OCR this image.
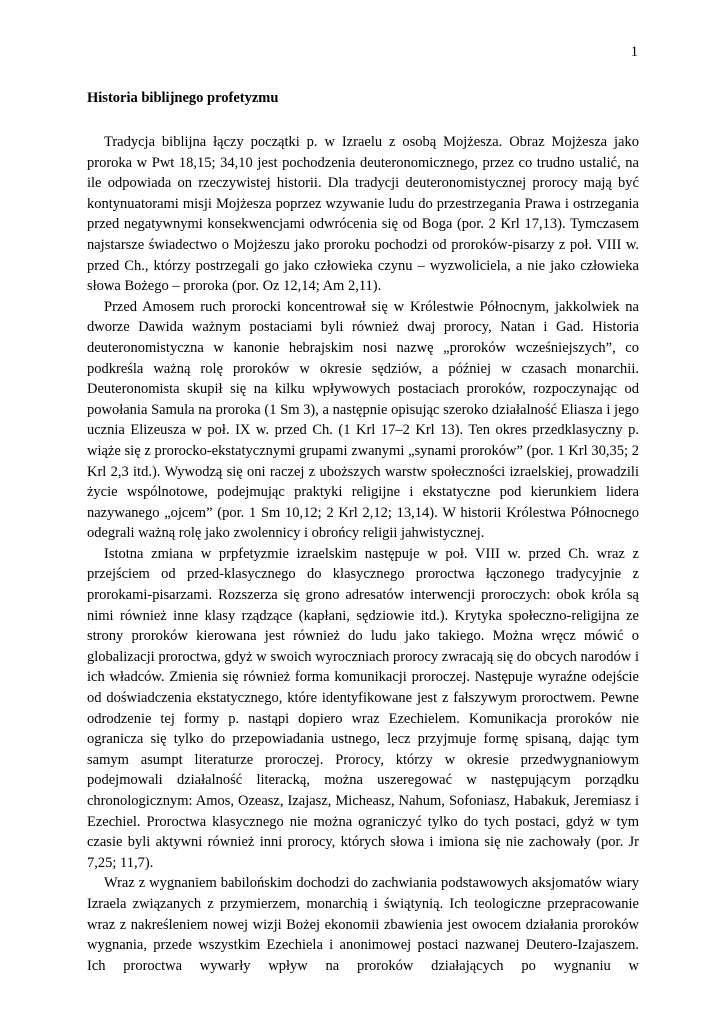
1
Historia biblijnego profetyzmu

Tradycja biblijna łączy początki p. w Izraelu z osobą Mojżesza. Obraz Mojżesza jako proroka w Pwt 18,15; 34,10 jest pochodzenia deuteronomicznego, przez co trudno ustalić, na ile odpowiada on rzeczywistej historii. Dla tradycji deuteronomistycznej prorocy mają być kontynuatorami misji Mojżesza poprzez wzywanie ludu do przestrzegania Prawa i ostrzegania przed negatywnymi konsekwencjami odwrócenia się od Boga (por. 2 Krl 17,13). Tymczasem najstarsze świadectwo o Mojżeszu jako proroku pochodzi od proroków-pisarzy z poł. VIII w. przed Ch., którzy postrzegali go jako człowieka czynu – wyzwoliciela, a nie jako człowieka słowa Bożego – proroka (por. Oz 12,14; Am 2,11).

Przed Amosem ruch prorocki koncentrował się w Królestwie Północnym, jakkolwiek na dworze Dawida ważnym postaciami byli również dwaj prorocy, Natan i Gad. Historia deuteronomistyczna w kanonie hebrajskim nosi nazwę „proroków wcześniejszych”, co podkreśla ważną rolę proroków w okresie sędziów, a później w czasach monarchii. Deuteronomista skupił się na kilku wpływowych postaciach proroków, rozpoczynając od powołania Samula na proroka (1 Sm 3), a następnie opisując szeroko działalność Eliasza i jego ucznia Elizeusza w poł. IX w. przed Ch. (1 Krl 17–2 Krl 13). Ten okres przedklasyczny p. wiąże się z prorocko-ekstatycznymi grupami zwanymi „synami proroków” (por. 1 Krl 30,35; 2 Krl 2,3 itd.). Wywodzą się oni raczej z uboższych warstw społeczności izraelskiej, prowadzili życie wspólnotowe, podejmując praktyki religijne i ekstatyczne pod kierunkiem lidera nazywanego „ojcem” (por. 1 Sm 10,12; 2 Krl 2,12; 13,14). W historii Królestwa Północnego odegrali ważną rolę jako zwolennicy i obrońcy religii jahwistycznej.

Istotna zmiana w prpfetyzmie izraelskim następuje w poł. VIII w. przed Ch. wraz z przejściem od przed-klasycznego do klasycznego proroctwa łączonego tradycyjnie z prorokami-pisarzami. Rozszerza się grono adresatów interwencji proroczych: obok króla są nimi również inne klasy rządzące (kapłani, sędziowie itd.). Krytyka społeczno-religijna ze strony proroków kierowana jest również do ludu jako takiego. Można wręcz mówić o globalizacji proroctwa, gdyż w swoich wyroczniach prorocy zwracają się do obcych narodów i ich władców. Zmienia się również forma komunikacji proroczej. Następuje wyraźne odejście od doświadczenia ekstatycznego, które identyfikowane jest z fałszywym proroctwem. Pewne odrodzenie tej formy p. nastąpi dopiero wraz Ezechielem. Komunikacja proroków nie ogranicza się tylko do przepowiadania ustnego, lecz przyjmuje formę spisaną, dając tym samym asumpt literaturze proroczej. Prorocy, którzy w okresie przedwygnaniowym podejmowali działalność literacką, można uszeregować w następującym porządku chronologicznym: Amos, Ozeasz, Izajasz, Micheasz, Nahum, Sofoniasz, Habakuk, Jeremiasz i Ezechiel. Proroctwa klasycznego nie można ograniczyć tylko do tych postaci, gdyż w tym czasie byli aktywni również inni prorocy, których słowa i imiona się nie zachowały (por. Jr 7,25; 11,7).

Wraz z wygnaniem babilońskim dochodzi do zachwiania podstawowych aksjomatów wiary Izraela związanych z przymierzem, monarchią i świątynią. Ich teologiczne przepracowanie wraz z nakreśleniem nowej wizji Bożej ekonomii zbawienia jest owocem działania proroków wygnania, przede wszystkim Ezechiela i anonimowej postaci nazwanej Deutero-Izajaszem. Ich proroctwa wywarły wpływ na proroków działających po wygnaniu w
